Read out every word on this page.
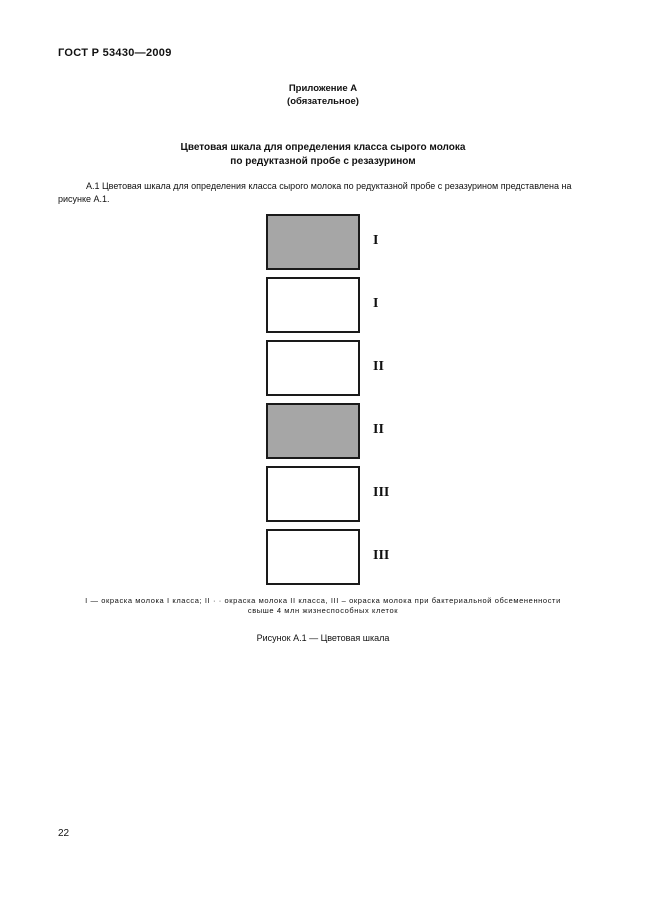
ГОСТ Р 53430—2009
Приложение А
(обязательное)
Цветовая шкала для определения класса сырого молока
по редуктазной пробе с резазурином
А.1 Цветовая шкала для определения класса сырого молока по редуктазной пробе с резазурином представлена на рисунке А.1.
I
I
II
II
III
III
I — окраска молока I класса; II · · окраска молока II класса, III – окраска молока при бактериальной обсемененности
свыше 4 млн жизнеспособных клеток
Рисунок А.1 — Цветовая шкала
22
